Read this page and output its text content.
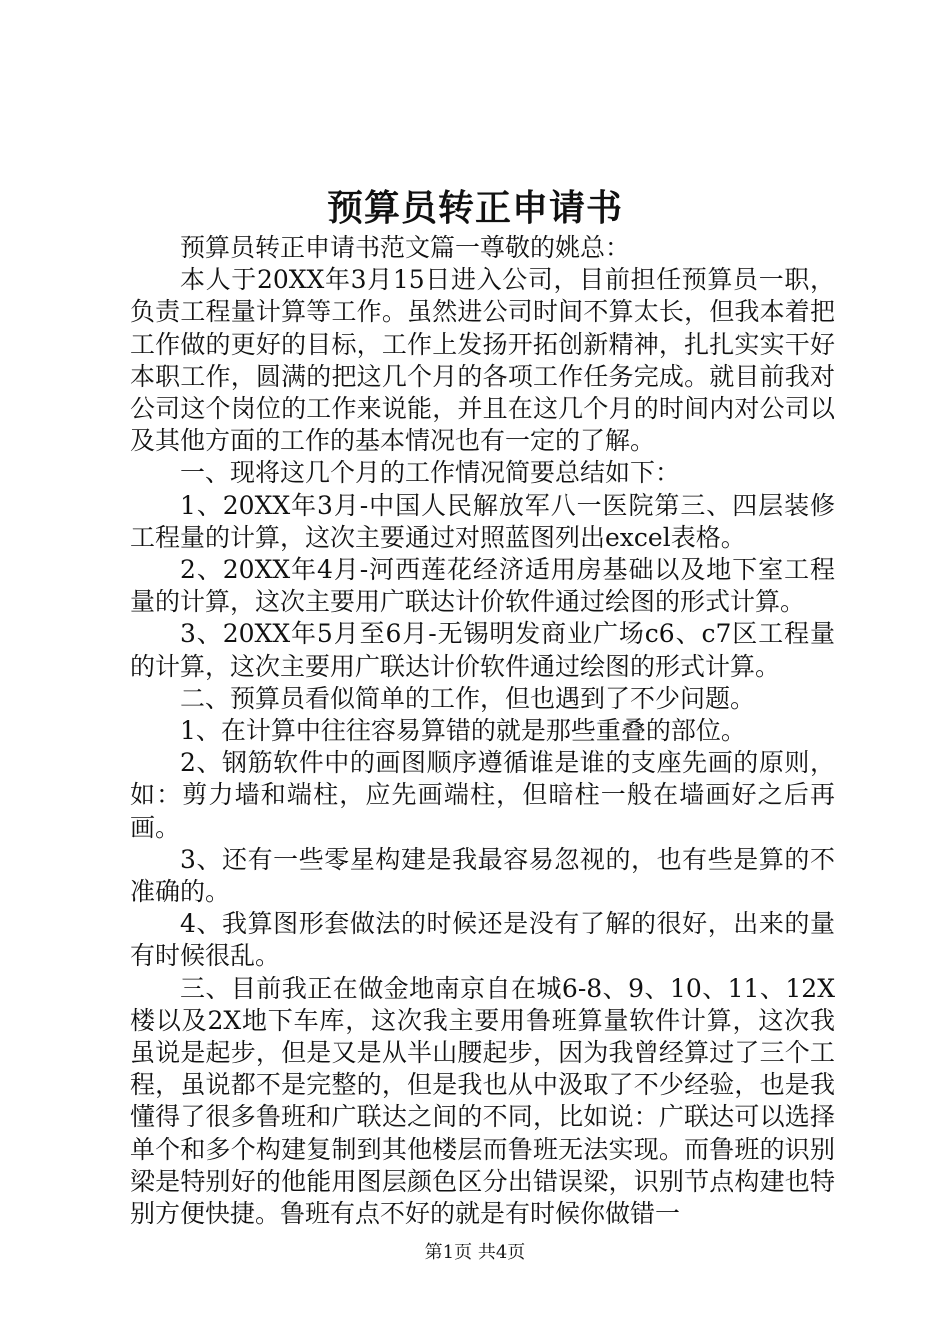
预算员转正申请书

预算员转正申请书范文篇一尊敬的姚总：

本人于20XX年3月15日进入公司，目前担任预算员一职，负责工程量计算等工作。虽然进公司时间不算太长，但我本着把工作做的更好的目标，工作上发扬开拓创新精神，扎扎实实干好本职工作，圆满的把这几个月的各项工作任务完成。就目前我对公司这个岗位的工作来说能，并且在这几个月的时间内对公司以及其他方面的工作的基本情况也有一定的了解。

一、现将这几个月的工作情况简要总结如下：

1、20XX年3月-中国人民解放军八一医院第三、四层装修工程量的计算，这次主要通过对照蓝图列出excel表格。

2、20XX年4月-河西莲花经济适用房基础以及地下室工程量的计算，这次主要用广联达计价软件通过绘图的形式计算。

3、20XX年5月至6月-无锡明发商业广场c6、c7区工程量的计算，这次主要用广联达计价软件通过绘图的形式计算。

二、预算员看似简单的工作，但也遇到了不少问题。

1、在计算中往往容易算错的就是那些重叠的部位。

2、钢筋软件中的画图顺序遵循谁是谁的支座先画的原则，如：剪力墙和端柱，应先画端柱，但暗柱一般在墙画好之后再画。

3、还有一些零星构建是我最容易忽视的，也有些是算的不准确的。

4、我算图形套做法的时候还是没有了解的很好，出来的量有时候很乱。

三、目前我正在做金地南京自在城6-8、9、10、11、12X楼以及2X地下车库，这次我主要用鲁班算量软件计算，这次我虽说是起步，但是又是从半山腰起步，因为我曾经算过了三个工程，虽说都不是完整的，但是我也从中汲取了不少经验，也是我懂得了很多鲁班和广联达之间的不同，比如说：广联达可以选择单个和多个构建复制到其他楼层而鲁班无法实现。而鲁班的识别梁是特别好的他能用图层颜色区分出错误梁，识别节点构建也特别方便快捷。鲁班有点不好的就是有时候你做错一

第1页 共4页
